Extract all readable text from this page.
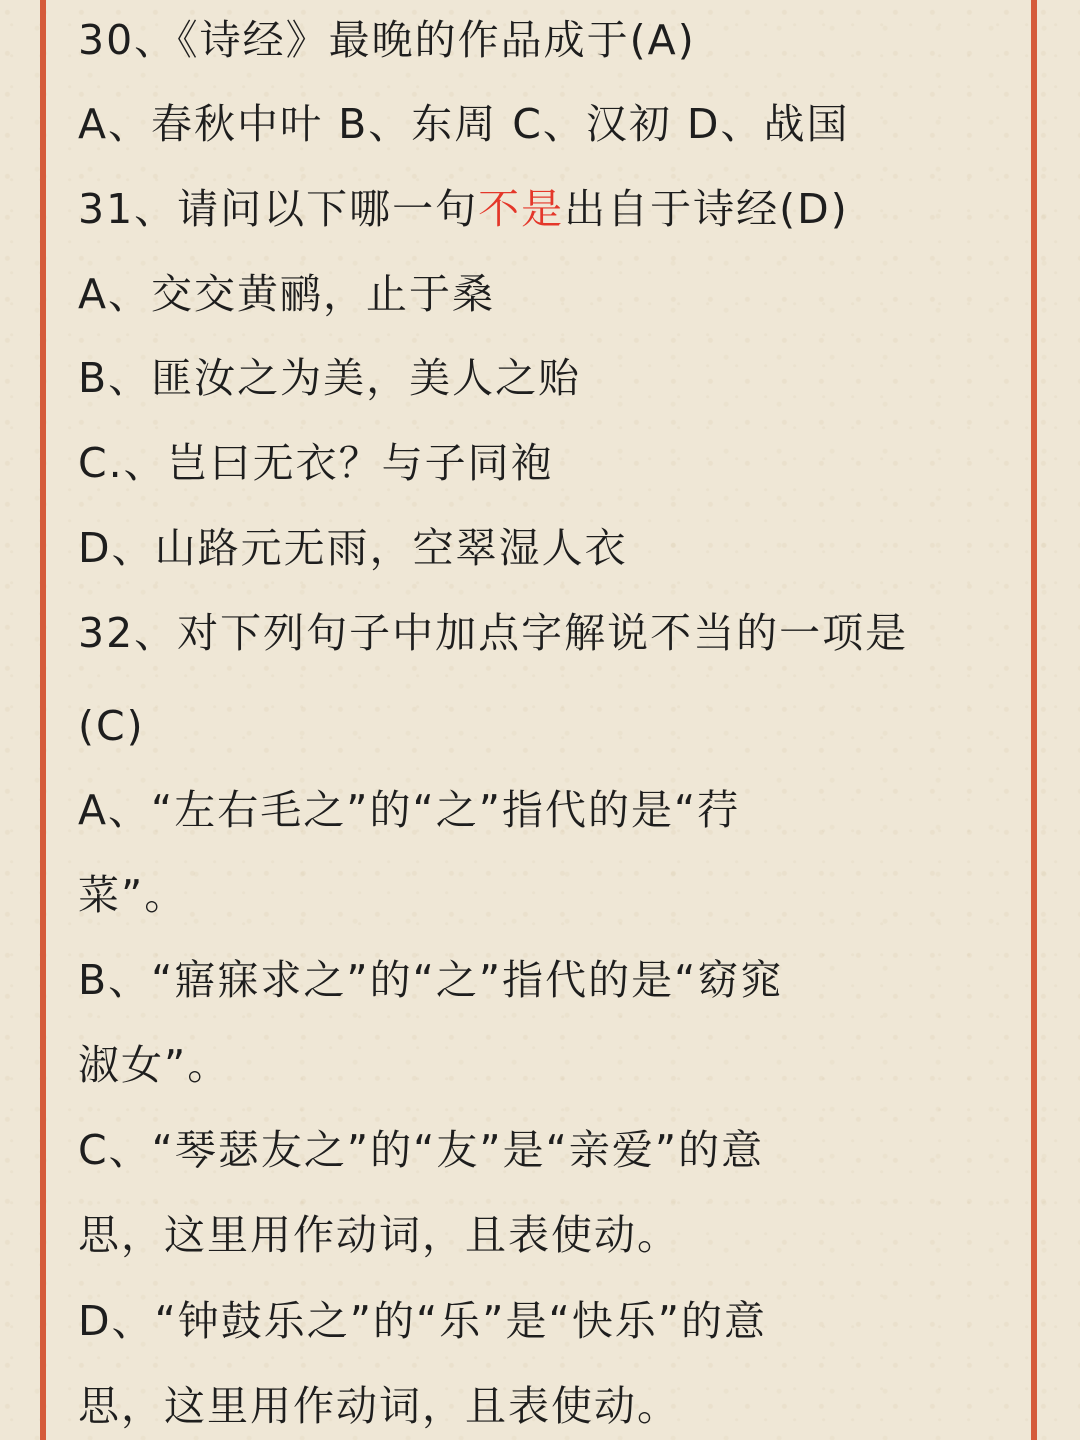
30、《诗经》最晚的作品成于(A)
A、春秋中叶 B、东周 C、汉初 D、战国
31、请问以下哪一句不是出自于诗经(D)
A、交交黄鹂，止于桑
B、匪汝之为美，美人之贻
C.、岂曰无衣？与子同袍
D、山路元无雨，空翠湿人衣
32、对下列句子中加点字解说不当的一项是
(C)
A、“左右毛之”的“之”指代的是“荇
菜”。
B、“寤寐求之”的“之”指代的是“窈窕
淑女”。
C、“琴瑟友之”的“友”是“亲爱”的意
思，这里用作动词，且表使动。
D、“钟鼓乐之”的“乐”是“快乐”的意
思，这里用作动词，且表使动。
